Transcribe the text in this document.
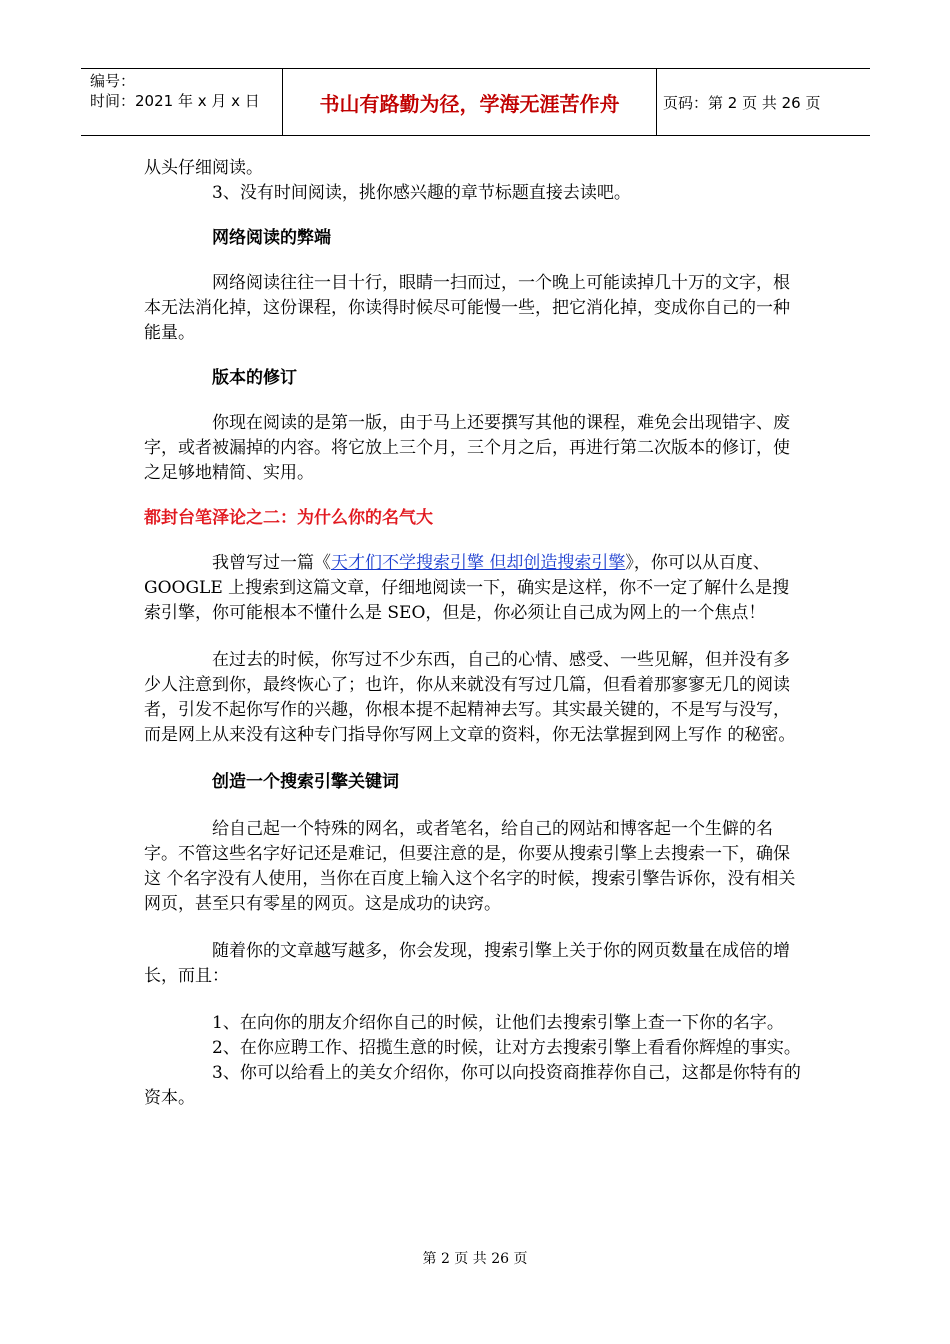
编号：
时间：2021 年 x 月 x 日	书山有路勤为径，学海无涯苦作舟	页码：第 2 页 共 26 页

从头仔细阅读。

3、没有时间阅读，挑你感兴趣的章节标题直接去读吧。

网络阅读的弊端

网络阅读往往一目十行，眼睛一扫而过，一个晚上可能读掉几十万的文字，根本无法消化掉，这份课程，你读得时候尽可能慢一些，把它消化掉，变成你自己的一种能量。

版本的修订

你现在阅读的是第一版，由于马上还要撰写其他的课程，难免会出现错字、废字，或者被漏掉的内容。将它放上三个月，三个月之后，再进行第二次版本的修订，使之足够地精简、实用。

都封台笔泽论之二：为什么你的名气大

我曾写过一篇《天才们不学搜索引擎 但却创造搜索引擎》，你可以从百度、GOOGLE 上搜索到这篇文章，仔细地阅读一下，确实是这样，你不一定了解什么是搜索引擎，你可能根本不懂什么是 SEO，但是，你必须让自己成为网上的一个焦点！

在过去的时候，你写过不少东西，自己的心情、感受、一些见解，但并没有多少人注意到你，最终恢心了；也许，你从来就没有写过几篇，但看着那寥寥无几的阅读 者，引发不起你写作的兴趣，你根本提不起精神去写。其实最关键的，不是写与没写，而是网上从来没有这种专门指导你写网上文章的资料，你无法掌握到网上写作 的秘密。

创造一个搜索引擎关键词

给自己起一个特殊的网名，或者笔名，给自己的网站和博客起一个生僻的名字。不管这些名字好记还是难记，但要注意的是，你要从搜索引擎上去搜索一下，确保这 个名字没有人使用，当你在百度上输入这个名字的时候，搜索引擎告诉你，没有相关网页，甚至只有零星的网页。这是成功的诀窍。

随着你的文章越写越多，你会发现，搜索引擎上关于你的网页数量在成倍的增长，而且：

1、在向你的朋友介绍你自己的时候，让他们去搜索引擎上查一下你的名字。

2、在你应聘工作、招揽生意的时候，让对方去搜索引擎上看看你辉煌的事实。

3、你可以给看上的美女介绍你，你可以向投资商推荐你自己，这都是你特有的资本。

第 2 页 共 26 页
